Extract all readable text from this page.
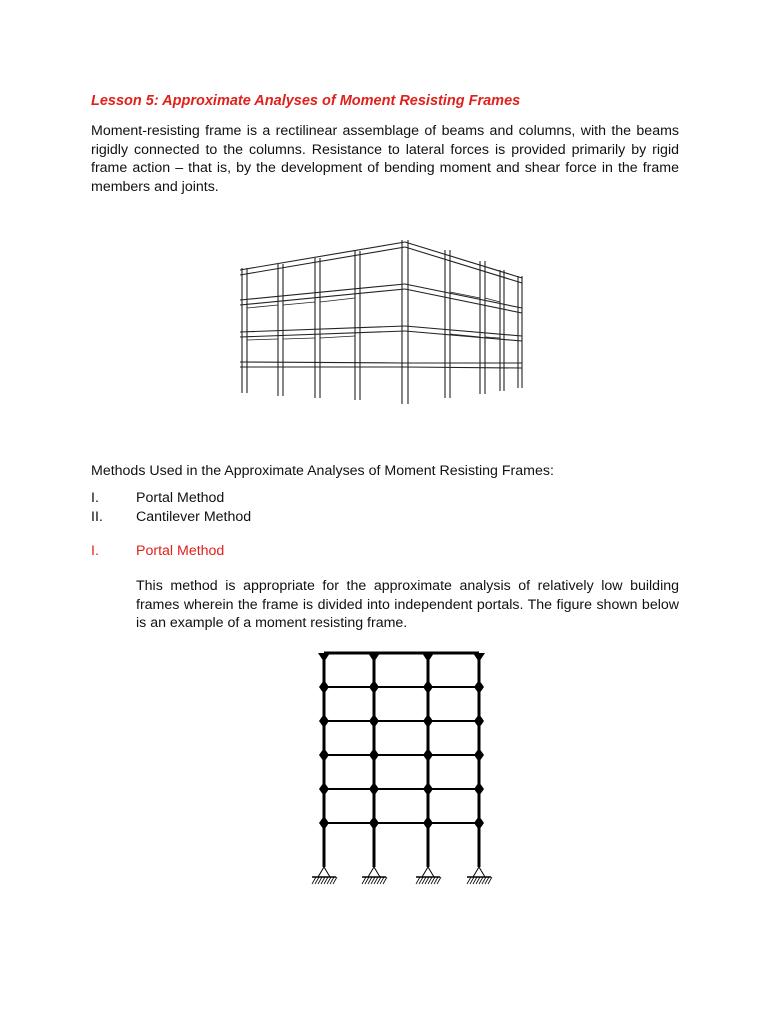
Lesson 5: Approximate Analyses of Moment Resisting Frames

Moment-resisting frame is a rectilinear assemblage of beams and columns, with the beams rigidly connected to the columns. Resistance to lateral forces is provided primarily by rigid frame action – that is, by the development of bending moment and shear force in the frame members and joints.

Methods Used in the Approximate Analyses of Moment Resisting Frames:

I.	Portal Method
II. Cantilever Method
I.	Portal Method

This method is appropriate for the approximate analysis of relatively low building frames wherein the frame is divided into independent portals. The figure shown below is an example of a moment resisting frame.
